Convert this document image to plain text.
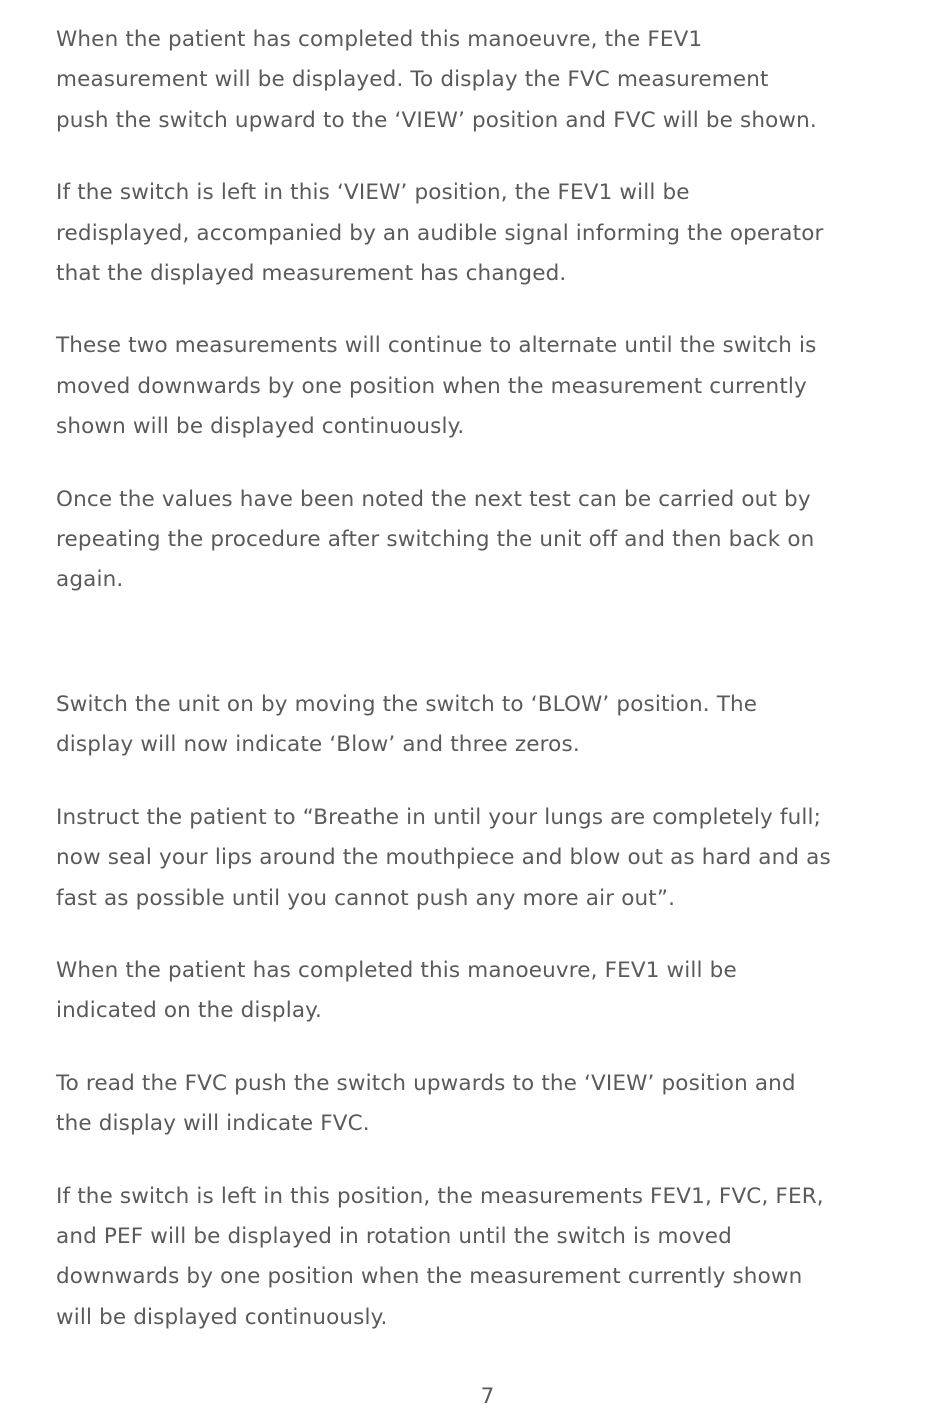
When the patient has completed this manoeuvre, the FEV1
measurement will be displayed. To display the FVC measurement
push the switch upward to the ‘VIEW’ position and FVC will be shown.

If the switch is left in this ‘VIEW’ position, the FEV1 will be
redisplayed, accompanied by an audible signal informing the operator
that the displayed measurement has changed.

These two measurements will continue to alternate until the switch is
moved downwards by one position when the measurement currently
shown will be displayed continuously.

Once the values have been noted the next test can be carried out by
repeating the procedure after switching the unit off and then back on
again.

Switch the unit on by moving the switch to ‘BLOW’ position. The
display will now indicate ‘Blow’ and three zeros.

Instruct the patient to “Breathe in until your lungs are completely full;
now seal your lips around the mouthpiece and blow out as hard and as
fast as possible until you cannot push any more air out”.

When the patient has completed this manoeuvre, FEV1 will be
indicated on the display.

To read the FVC push the switch upwards to the ‘VIEW’ position and
the display will indicate FVC.

If the switch is left in this position, the measurements FEV1, FVC, FER,
and PEF will be displayed in rotation until the switch is moved
downwards by one position when the measurement currently shown
will be displayed continuously.

7
